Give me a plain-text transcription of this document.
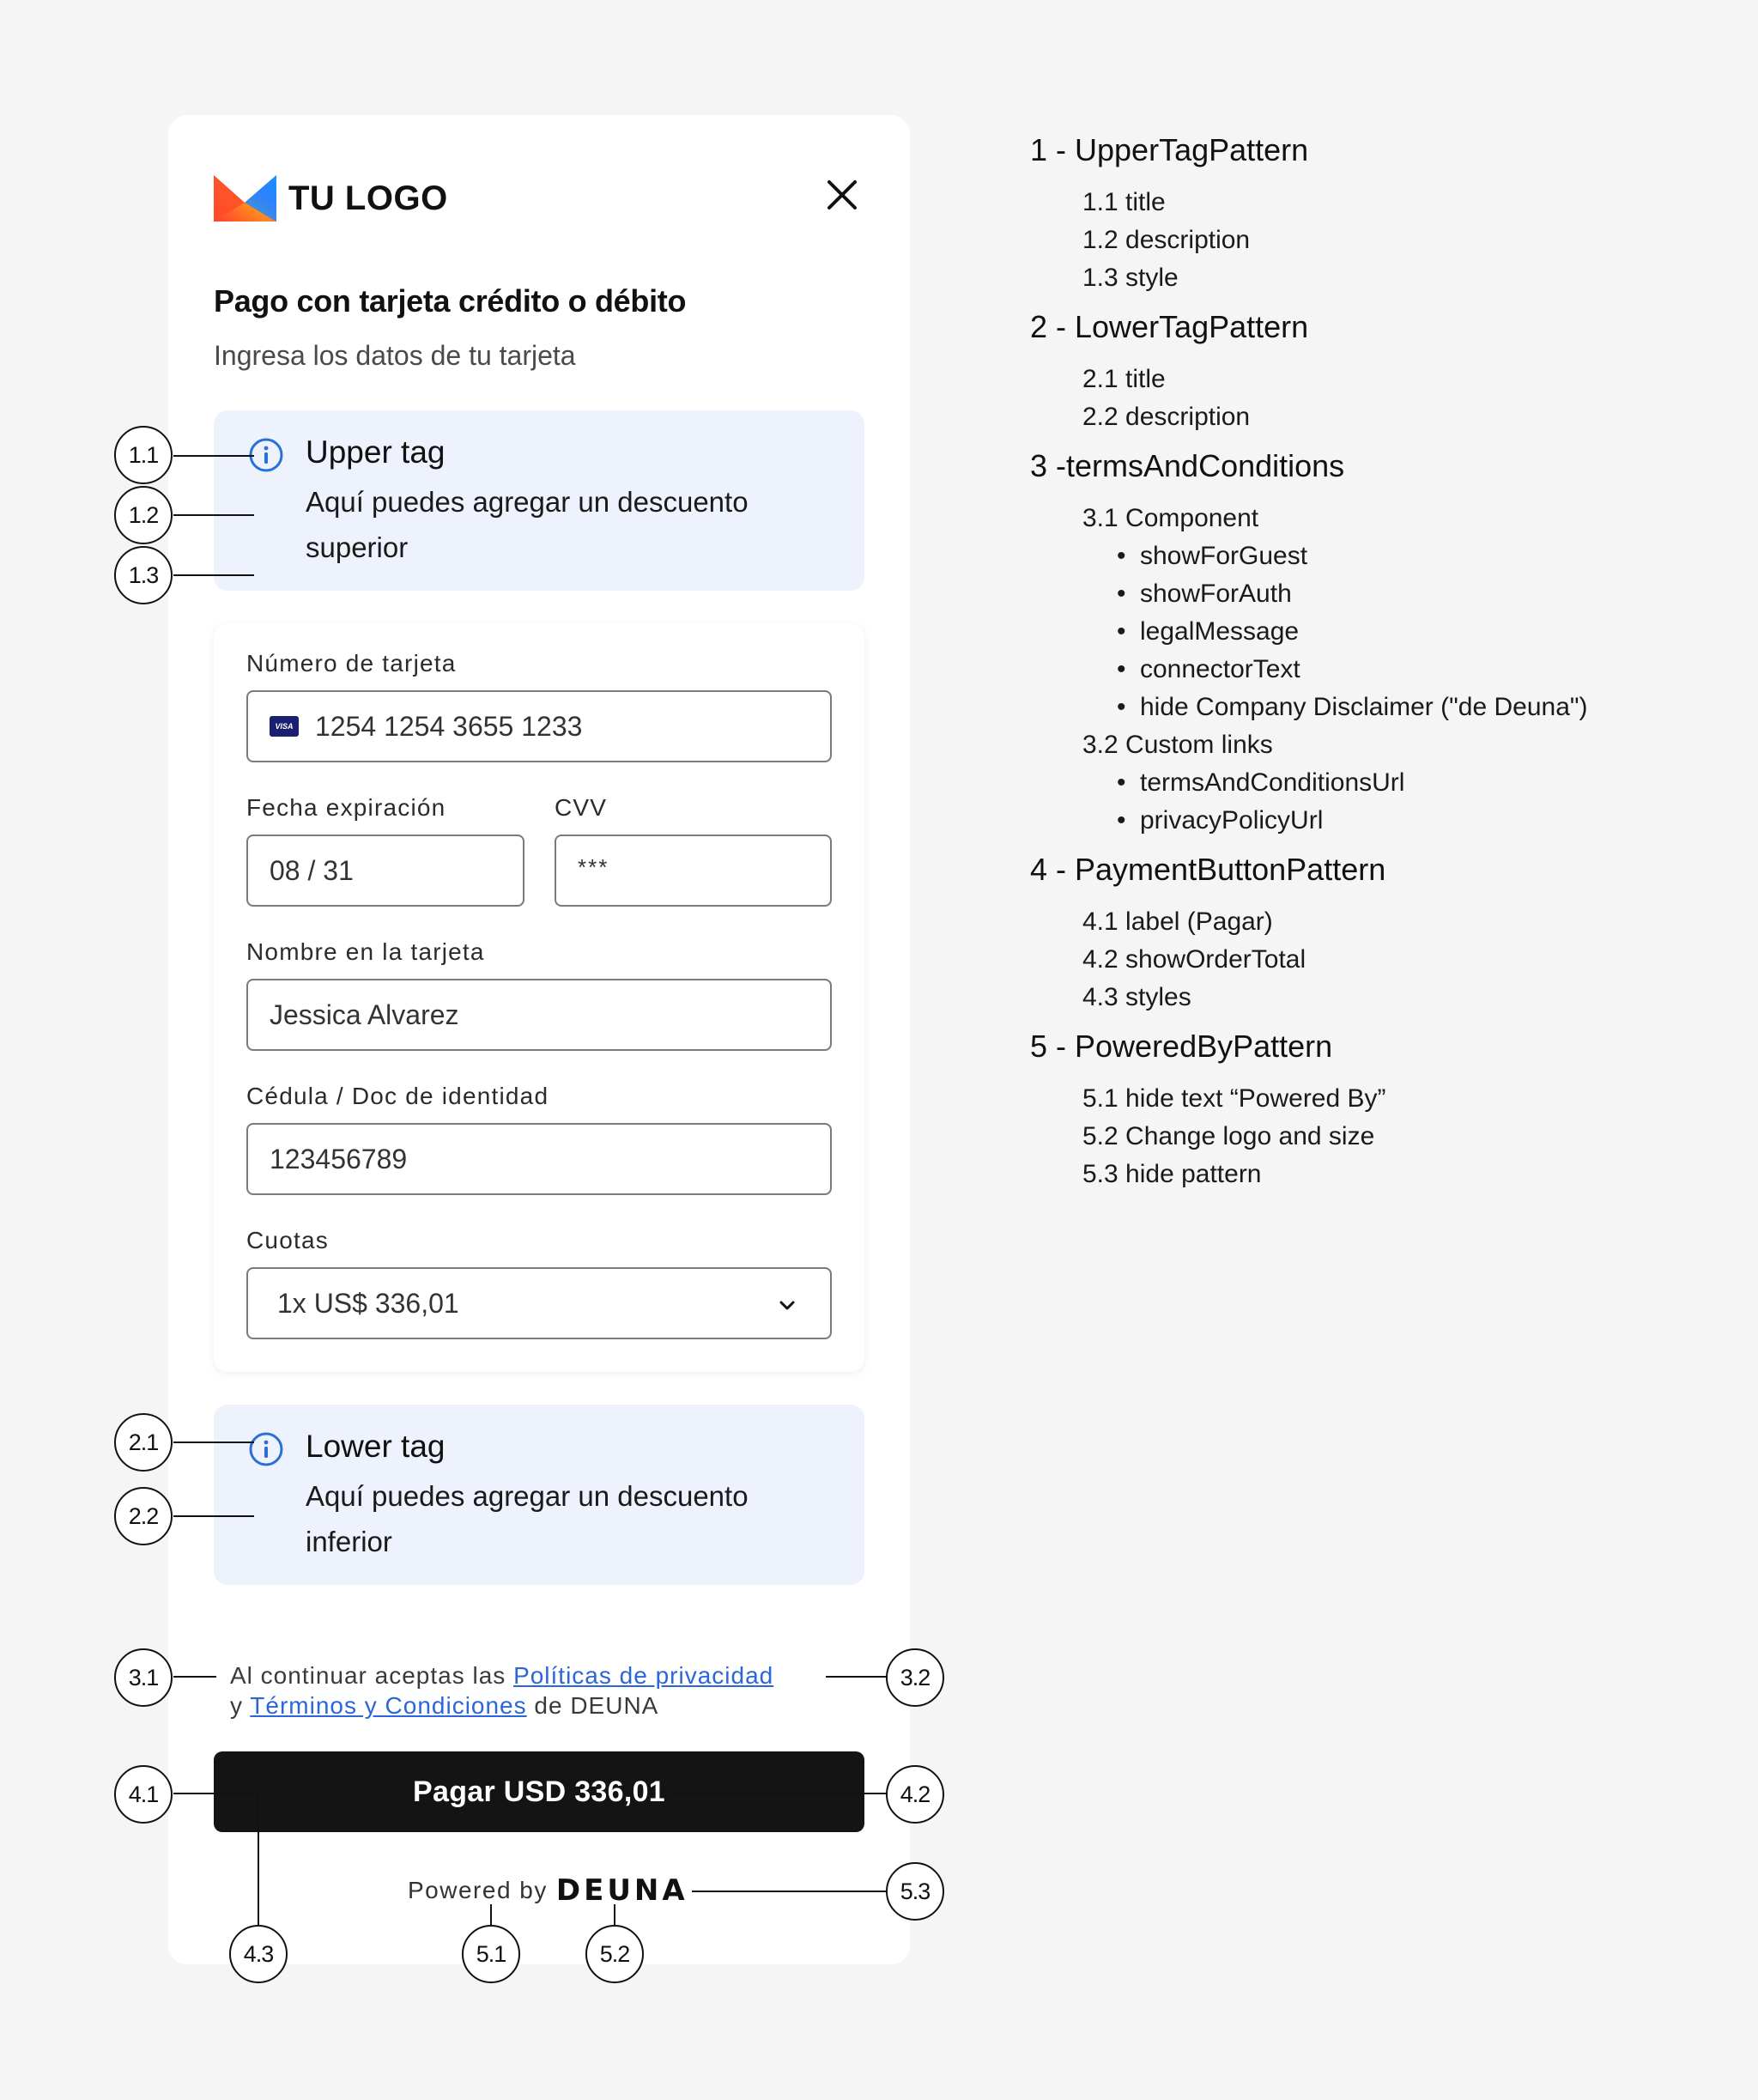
TU LOGO
Pago con tarjeta crédito o débito
Ingresa los datos de tu tarjeta
Upper tag
Aquí puedes agregar un descuento superior
Número de tarjeta
VISA 1254 1254 3655 1233
Fecha expiración
08 / 31
CVV
***
Nombre en la tarjeta
Jessica Alvarez
Cédula / Doc de identidad
123456789
Cuotas
1x US$ 336,01
Lower tag
Aquí puedes agregar un descuento inferior
Al continuar aceptas las Políticas de privacidad
y Términos y Condiciones de DEUNA
Pagar USD 336,01
Powered by DEUNA
1.1
1.2
1.3
2.1
2.2
3.1	3.2
4.1	4.2
4.3	5.1	5.2
5.3
1 - UpperTagPattern
1.1 title
1.2 description
1.3 style
2 - LowerTagPattern
2.1 title
2.2 description
3 -termsAndConditions
3.1 Component
• showForGuest
• showForAuth
• legalMessage
• connectorText
• hide Company Disclaimer ("de Deuna")
3.2 Custom links
• termsAndConditionsUrl
• privacyPolicyUrl
4 - PaymentButtonPattern
4.1 label (Pagar)
4.2 showOrderTotal
4.3 styles
5 - PoweredByPattern
5.1 hide text “Powered By”
5.2 Change logo and size
5.3 hide pattern
